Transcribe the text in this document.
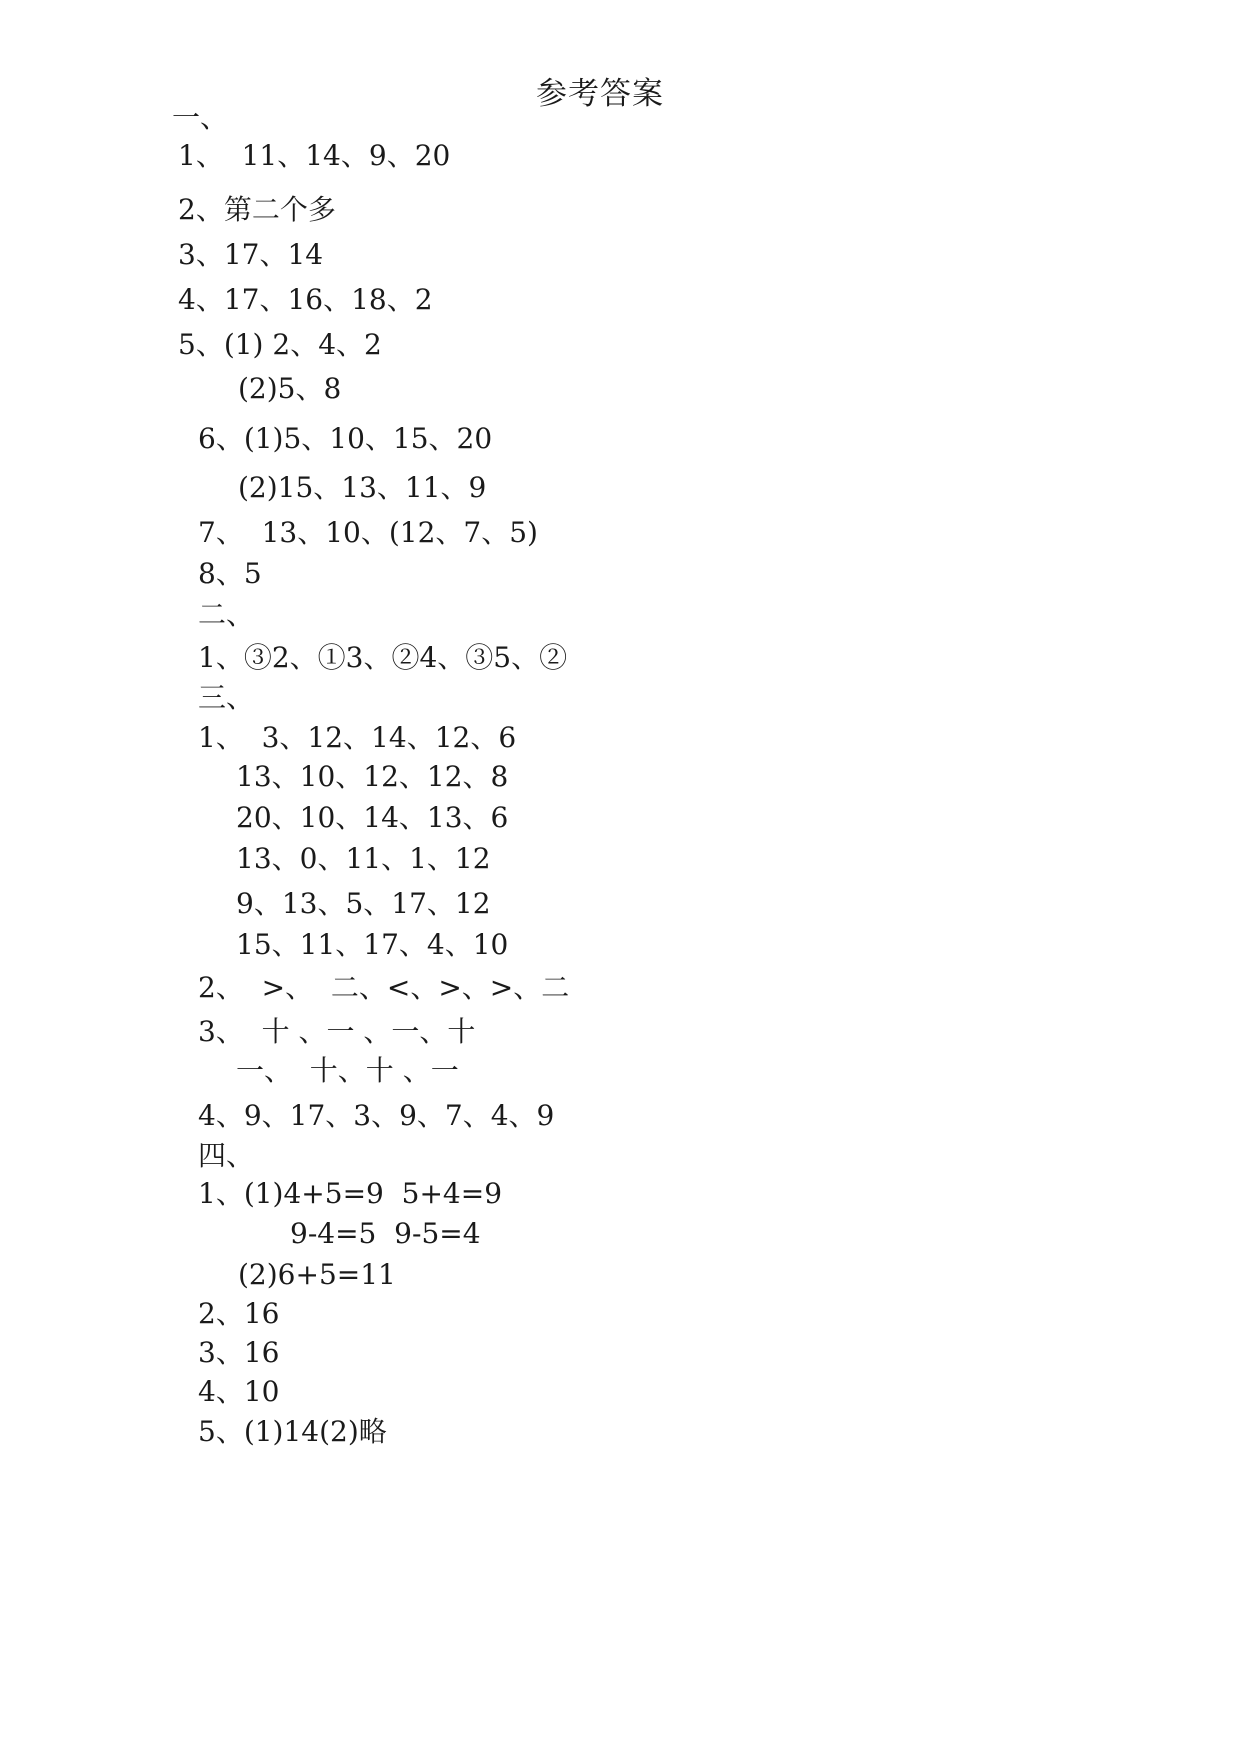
参考答案
一、
1、  11、14、9、20
2、第二个多
3、17、14
4、17、16、18、2
5、(1) 2、4、2
(2)5、8
6、(1)5、10、15、20
(2)15、13、11、9
7、  13、10、(12、7、5)
8、5
二、
1、③2、①3、②4、③5、②
三、
1、  3、12、14、12、6
13、10、12、12、8
20、10、14、13、6
13、0、11、1、12
9、13、5、17、12
15、11、17、4、10
2、  >、  二、<、>、>、二
3、  十 、一 、一、十
一、  十、十 、一
4、9、17、3、9、7、4、9
四、
1、(1)4+5=9  5+4=9
9-4=5  9-5=4
(2)6+5=11
2、16
3、16
4、10
5、(1)14(2)略
